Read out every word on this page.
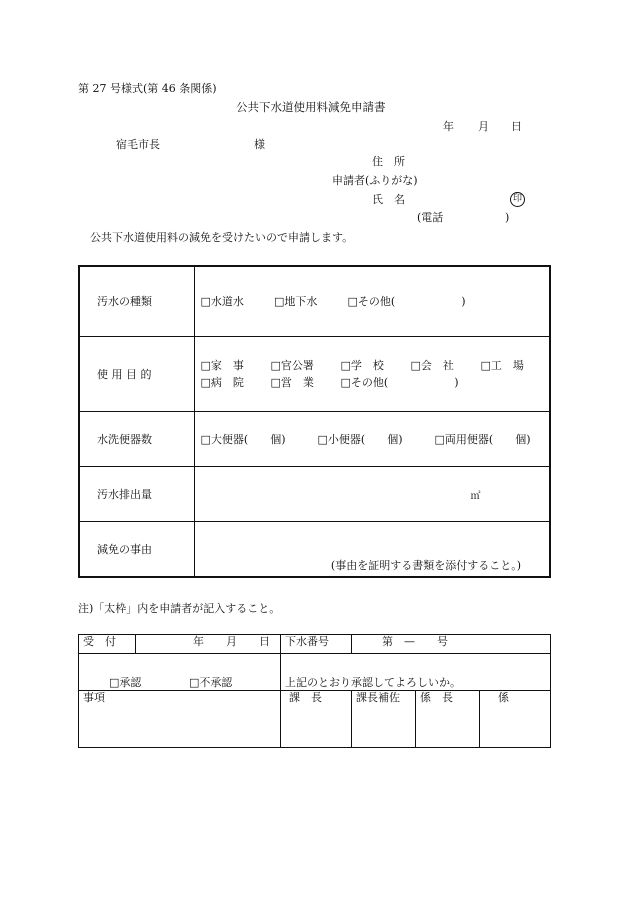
第 27 号様式(第 46 条関係)
公共下水道使用料減免申請書
年 月 日
宿毛市長	様
住　所
申請者(ふりがな)
氏　名	印
(電話	)
公共下水道使用料の減免を受けたいので申請します。
汚水の種類	□ 水道水 □ 地下水 □ その他(　　　　　　)
使 用 目 的	□ 家　事 □ 官公署 □ 学　校 □ 会　社 □ 工　場
□ 病　院 □ 営　業 □ その他(　　　　　　)

水洗便器数	□ 大便器(　　個) □ 小便器(　　個) □ 両用便器(　　個)
汚水排出量	㎡

減免の事由	(事由を証明する書類を添付すること。)
注)「太枠」内を申請者が記入すること。
受　付	年　　月　　日	下水番号	第　—　　号		
□ 承認 □ 不承認		上記のとおり承認してよろしいか。			
事項		課　長	課長補佐	係　長	係
